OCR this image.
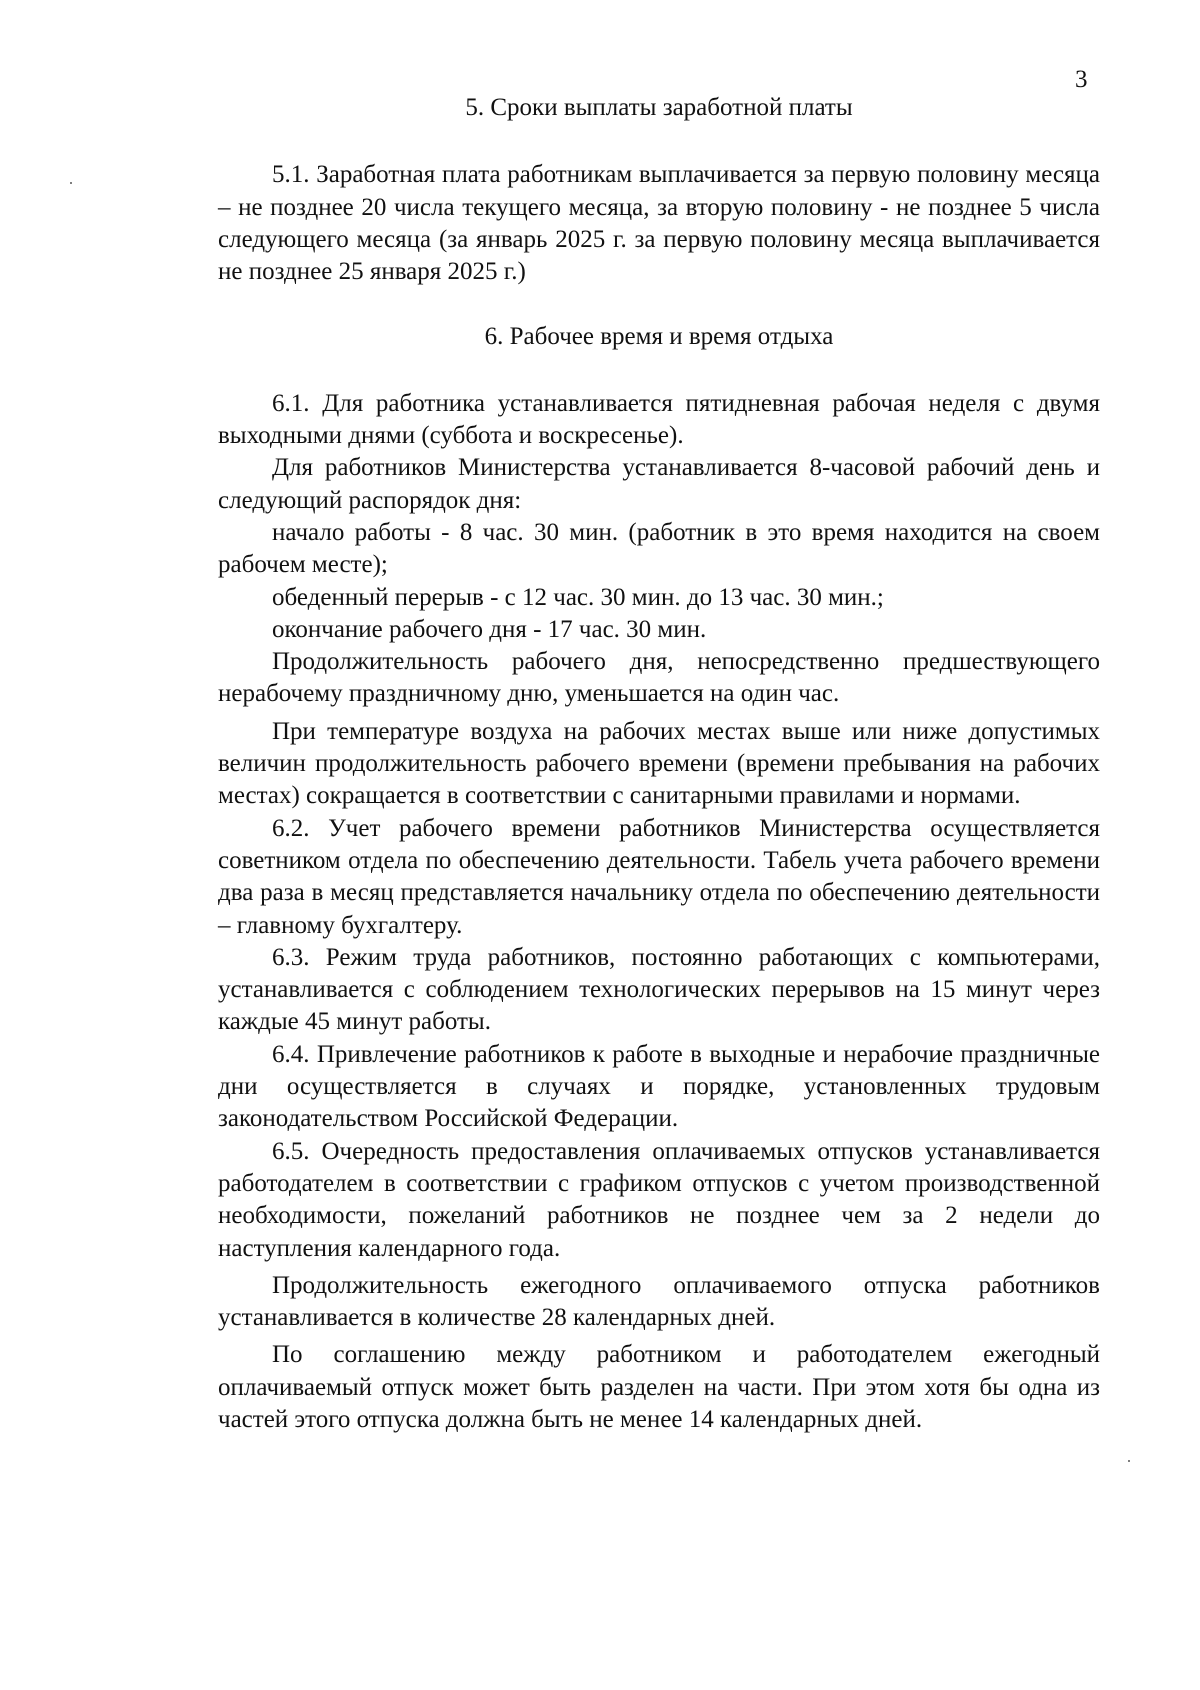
3
5. Сроки выплаты заработной платы

5.1. Заработная плата работникам выплачивается за первую половину месяца – не позднее 20 числа текущего месяца, за вторую половину - не позднее 5 числа следующего месяца (за январь 2025 г. за первую половину месяца выплачивается не позднее 25 января 2025 г.)

6. Рабочее время и время отдыха

6.1. Для работника устанавливается пятидневная рабочая неделя с двумя выходными днями (суббота и воскресенье).

Для работников Министерства устанавливается 8-часовой рабочий день и следующий распорядок дня:

начало работы - 8 час. 30 мин. (работник в это время находится на своем рабочем месте);

обеденный перерыв - с 12 час. 30 мин. до 13 час. 30 мин.;

окончание рабочего дня - 17 час. 30 мин.

Продолжительность рабочего дня, непосредственно предшествующего нерабочему праздничному дню, уменьшается на один час.

При температуре воздуха на рабочих местах выше или ниже допустимых величин продолжительность рабочего времени (времени пребывания на рабочих местах) сокращается в соответствии с санитарными правилами и нормами.

6.2. Учет рабочего времени работников Министерства осуществляется советником отдела по обеспечению деятельности. Табель учета рабочего времени два раза в месяц представляется начальнику отдела по обеспечению деятельности – главному бухгалтеру.

6.3. Режим труда работников, постоянно работающих с компьютерами, устанавливается с соблюдением технологических перерывов на 15 минут через каждые 45 минут работы.

6.4. Привлечение работников к работе в выходные и нерабочие праздничные дни осуществляется в случаях и порядке, установленных трудовым законодательством Российской Федерации.

6.5. Очередность предоставления оплачиваемых отпусков устанавливается работодателем в соответствии с графиком отпусков с учетом производственной необходимости, пожеланий работников не позднее чем за 2 недели до наступления календарного года.

Продолжительность ежегодного оплачиваемого отпуска работников устанавливается в количестве 28 календарных дней.

По соглашению между работником и работодателем ежегодный оплачиваемый отпуск может быть разделен на части. При этом хотя бы одна из частей этого отпуска должна быть не менее 14 календарных дней.
